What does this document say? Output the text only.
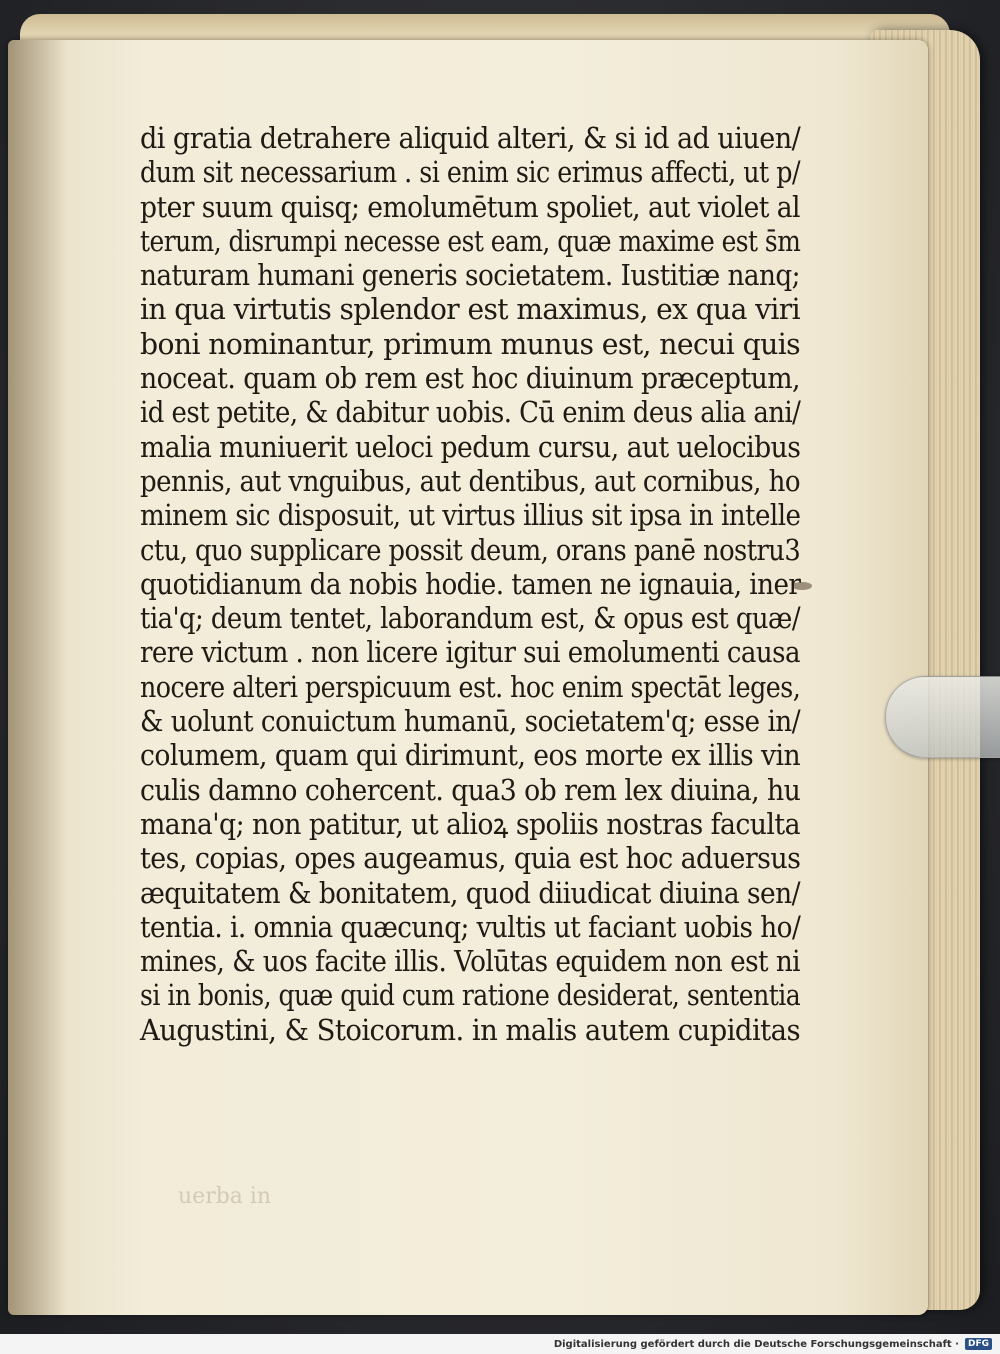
di gratia detrahere aliquid alteri, & si id ad uiuen/
dum sit necessarium . si enim sic erimus affecti, ut p/
pter suum quisq; emolumētum spoliet, aut violet al
terum, disrumpi necesse est eam, quæ maxime est s̄m
naturam humani generis societatem. Iustitiæ nanq;
in qua virtutis splendor est maximus, ex qua viri
boni nominantur, primum munus est, necui quis
noceat. quam ob rem est hoc diuinum præceptum,
id est petite, & dabitur uobis. Cū enim deus alia ani/
malia muniuerit ueloci pedum cursu, aut uelocibus
pennis, aut vnguibus, aut dentibus, aut cornibus, ho
minem sic disposuit, ut virtus illius sit ipsa in intelle
ctu, quo supplicare possit deum, orans panē nostru3
quotidianum da nobis hodie. tamen ne ignauia, iner
tia'q; deum tentet, laborandum est, & opus est quæ/
rere victum . non licere igitur sui emolumenti causa
nocere alteri perspicuum est. hoc enim spectāt leges,
& uolunt conuictum humanū, societatem'q; esse in/
columem, quam qui dirimunt, eos morte ex illis vin
culis damno cohercent. qua3 ob rem lex diuina, hu
mana'q; non patitur, ut alioꝝ spoliis nostras faculta
tes, copias, opes augeamus, quia est hoc aduersus
æquitatem & bonitatem, quod diiudicat diuina sen/
tentia. i. omnia quæcunq; vultis ut faciant uobis ho/
mines, & uos facite illis. Volūtas equidem non est ni
si in bonis, quæ quid cum ratione desiderat, sententia
Augustini, & Stoicorum. in malis autem cupiditas
uerba in
Digitalisierung gefördert durch die Deutsche Forschungsgemeinschaft ·	DFG
